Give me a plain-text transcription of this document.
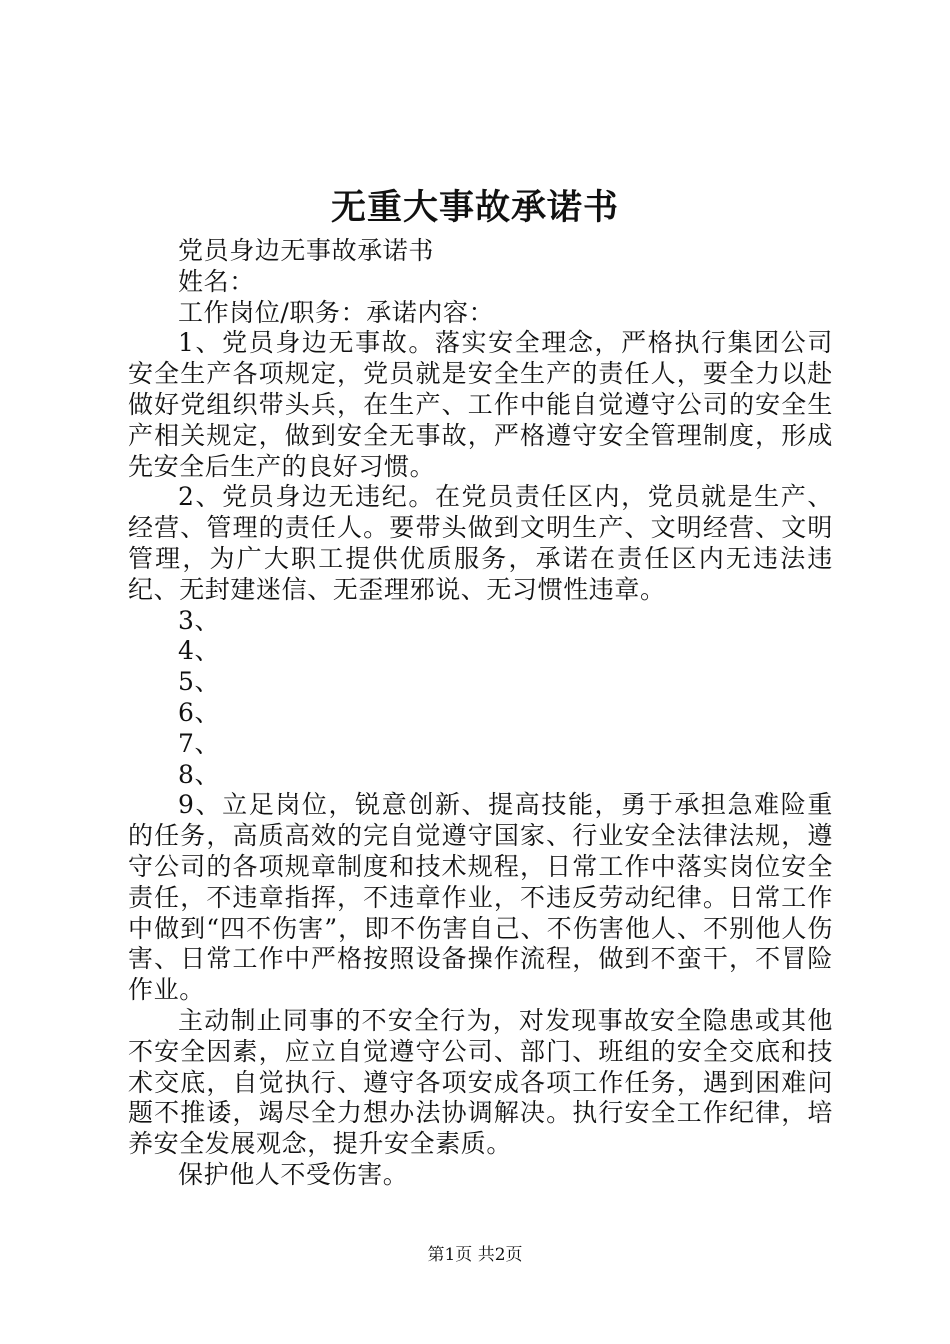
无重大事故承诺书

党员身边无事故承诺书

姓名：

工作岗位/职务：承诺内容：

1、党员身边无事故。落实安全理念，严格执行集团公司安全生产各项规定，党员就是安全生产的责任人，要全力以赴做好党组织带头兵，在生产、工作中能自觉遵守公司的安全生产相关规定，做到安全无事故，严格遵守安全管理制度，形成先安全后生产的良好习惯。

2、党员身边无违纪。在党员责任区内，党员就是生产、经营、管理的责任人。要带头做到文明生产、文明经营、文明管理，为广大职工提供优质服务，承诺在责任区内无违法违纪、无封建迷信、无歪理邪说、无习惯性违章。

3、

4、

5、

6、

7、

8、

9、立足岗位，锐意创新、提高技能，勇于承担急难险重的任务，高质高效的完自觉遵守国家、行业安全法律法规，遵守公司的各项规章制度和技术规程，日常工作中落实岗位安全责任，不违章指挥，不违章作业，不违反劳动纪律。日常工作中做到“四不伤害”，即不伤害自己、不伤害他人、不别他人伤害、日常工作中严格按照设备操作流程，做到不蛮干，不冒险作业。

主动制止同事的不安全行为，对发现事故安全隐患或其他不安全因素，应立自觉遵守公司、部门、班组的安全交底和技术交底，自觉执行、遵守各项安成各项工作任务，遇到困难问题不推诿，竭尽全力想办法协调解决。执行安全工作纪律，培养安全发展观念，提升安全素质。

保护他人不受伤害。

第1页 共2页
